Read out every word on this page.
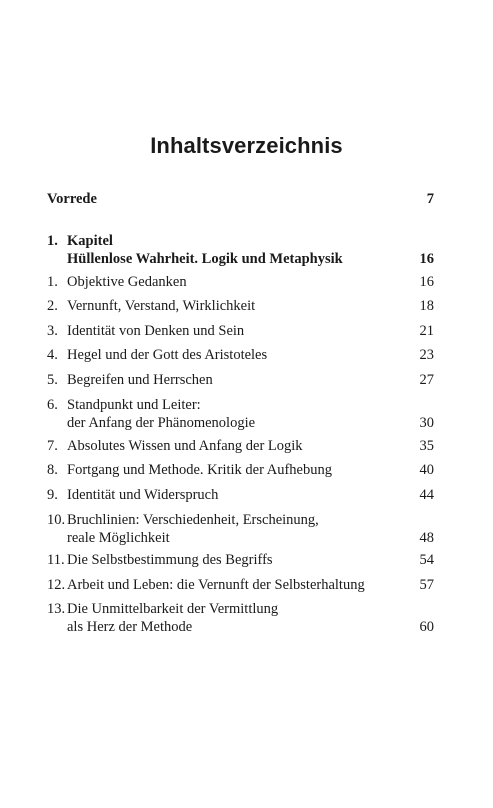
Inhaltsverzeichnis
Vorrede	7
1. Kapitel
Hüllenlose Wahrheit. Logik und Metaphysik	16
1. Objektive Gedanken	16
2. Vernunft, Verstand, Wirklichkeit	18
3. Identität von Denken und Sein	21
4. Hegel und der Gott des Aristoteles	23
5. Begreifen und Herrschen	27
6. Standpunkt und Leiter:
der Anfang der Phänomenologie	30
7. Absolutes Wissen und Anfang der Logik	35
8. Fortgang und Methode. Kritik der Aufhebung	40
9. Identität und Widerspruch	44
10. Bruchlinien: Verschiedenheit, Erscheinung,
reale Möglichkeit	48
11. Die Selbstbestimmung des Begriffs	54
12. Arbeit und Leben: die Vernunft der Selbsterhaltung	57
13. Die Unmittelbarkeit der Vermittlung
als Herz der Methode	60
